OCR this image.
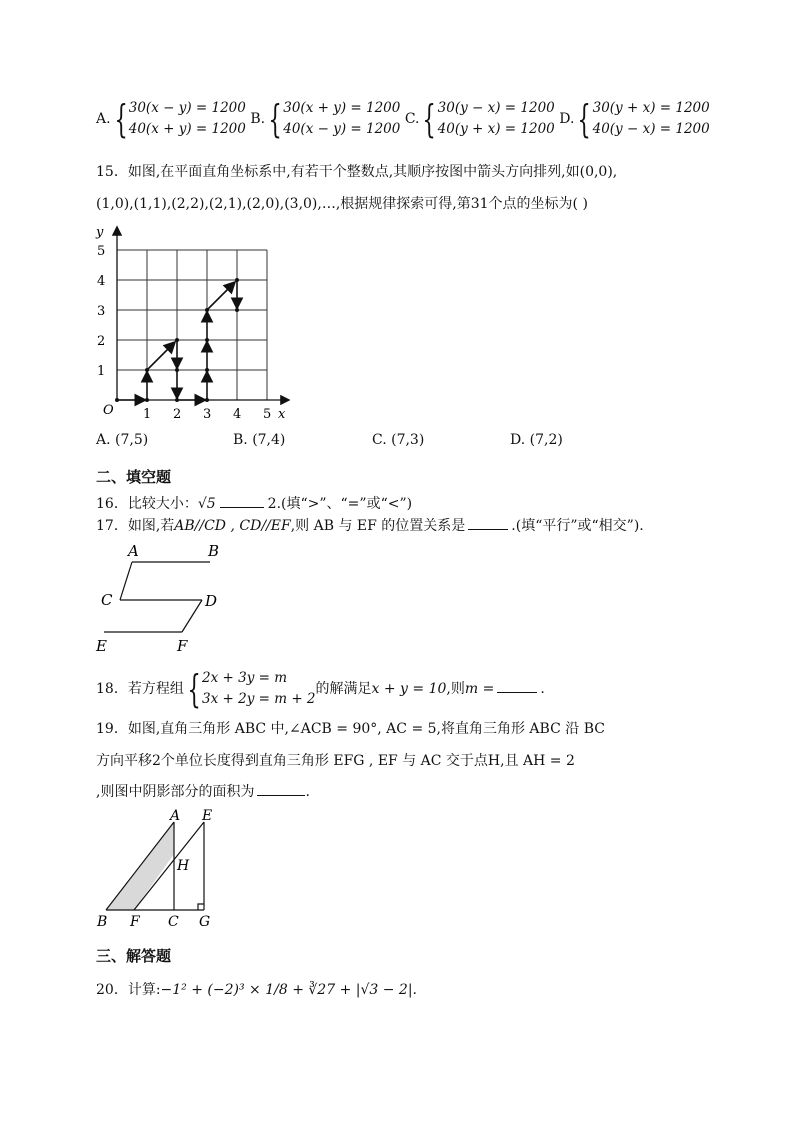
A. { 30(x − y) = 1200
40(x + y) = 1200
B. { 30(x + y) = 1200
40(x − y) = 1200
C. { 30(y − x) = 1200
40(y + x) = 1200
D. { 30(y + x) = 1200
40(y − x) = 1200
15．如图,在平面直角坐标系中,有若干个整数点,其顺序按图中箭头方向排列,如(0,0),
(1,0),(1,1),(2,2),(2,1),(2,0),(3,0),…,根据规律探索可得,第31个点的坐标为( )
y
x
O 1 2 3 4 5
1
2
3
4
5
A. (7,5)	B. (7,4)	C. (7,3)	D. (7,2)
二、填空题
16．比较大小：√5	2.(填“>”、“=”或“<”)
17．如图,若AB//CD , CD//EF,则 AB 与 EF 的位置关系是	.(填“平行”或“相交”).
A	B
C	D
E	F
18．若方程组 { 2x + 3y = m
3x + 2y = m + 2
的解满足x + y = 10,则m =	.
19．如图,直角三角形 ABC 中,∠ACB = 90°, AC = 5,将直角三角形 ABC 沿 BC
方向平移2个单位长度得到直角三角形 EFG , EF 与 AC 交于点H,且 AH = 2
,则图中阴影部分的面积为	.
A E
H
B F C G
三、解答题
20．计算:−1² + (−2)³ × 1/8 + ∛27 + |√3 − 2|.
